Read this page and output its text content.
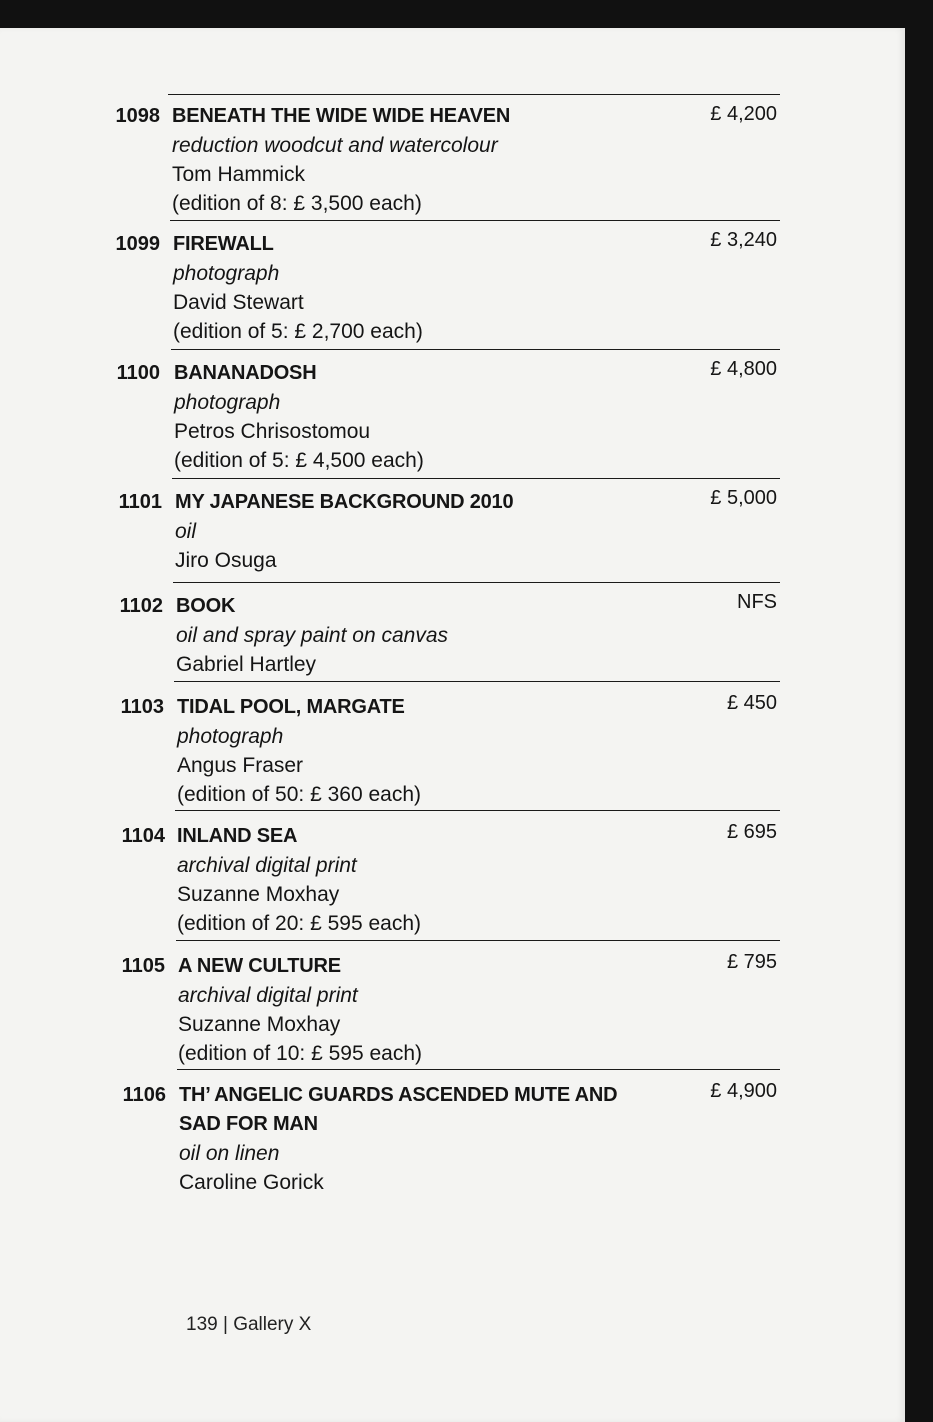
1098 BENEATH THE WIDE WIDE HEAVEN
reduction woodcut and watercolour
Tom Hammick
(edition of 8: £ 3,500 each)
£ 4,200
1099 FIREWALL
photograph
David Stewart
(edition of 5: £ 2,700 each)
£ 3,240
1100 BANANADOSH
photograph
Petros Chrisostomou
(edition of 5: £ 4,500 each)
£ 4,800
1101 MY JAPANESE BACKGROUND 2010
oil
Jiro Osuga
£ 5,000
1102 BOOK
oil and spray paint on canvas
Gabriel Hartley
NFS
1103 TIDAL POOL, MARGATE
photograph
Angus Fraser
(edition of 50: £ 360 each)
£ 450
1104 INLAND SEA
archival digital print
Suzanne Moxhay
(edition of 20: £ 595 each)
£ 695
1105 A NEW CULTURE
archival digital print
Suzanne Moxhay
(edition of 10: £ 595 each)
£ 795
1106 TH’ ANGELIC GUARDS ASCENDED MUTE AND SAD FOR MAN
oil on linen
Caroline Gorick
£ 4,900
139 | Gallery X
